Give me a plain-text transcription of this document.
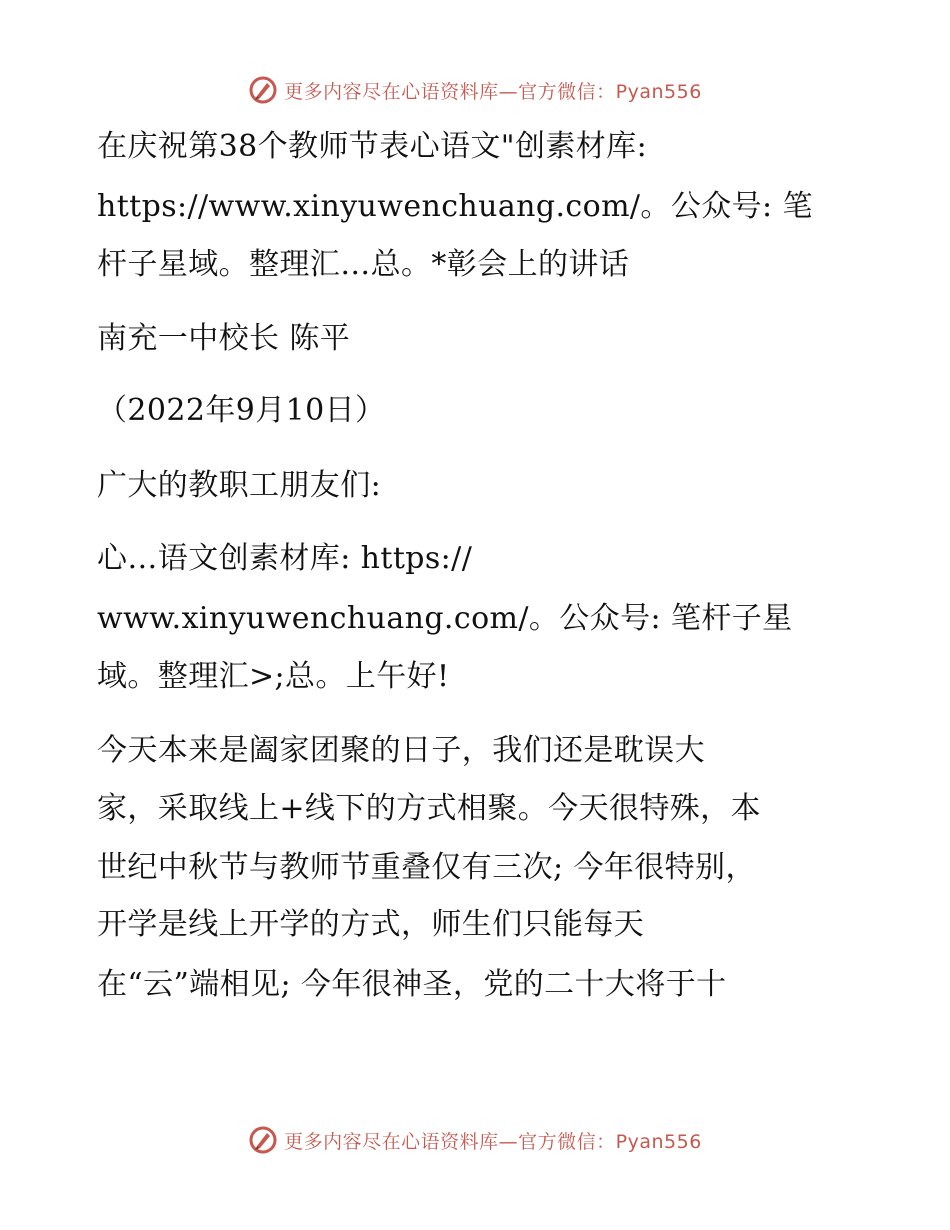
更多内容尽在心语资料库—官方微信：Pyan556
在庆祝第38个教师节表心语文"创素材库:
https://www.xinyuwenchuang.com/。公众号: 笔
杆子星域。整理汇…总。*彰会上的讲话
南充一中校长 陈平
（2022年9月10日）
广大的教职工朋友们:
心…语文创素材库: https://
www.xinyuwenchuang.com/。公众号: 笔杆子星
域。整理汇>;总。上午好!
今天本来是阖家团聚的日子，我们还是耽误大
家，采取线上+线下的方式相聚。今天很特殊，本
世纪中秋节与教师节重叠仅有三次; 今年很特别，
开学是线上开学的方式，师生们只能每天
在“云”端相见; 今年很神圣，党的二十大将于十
更多内容尽在心语资料库—官方微信：Pyan556
